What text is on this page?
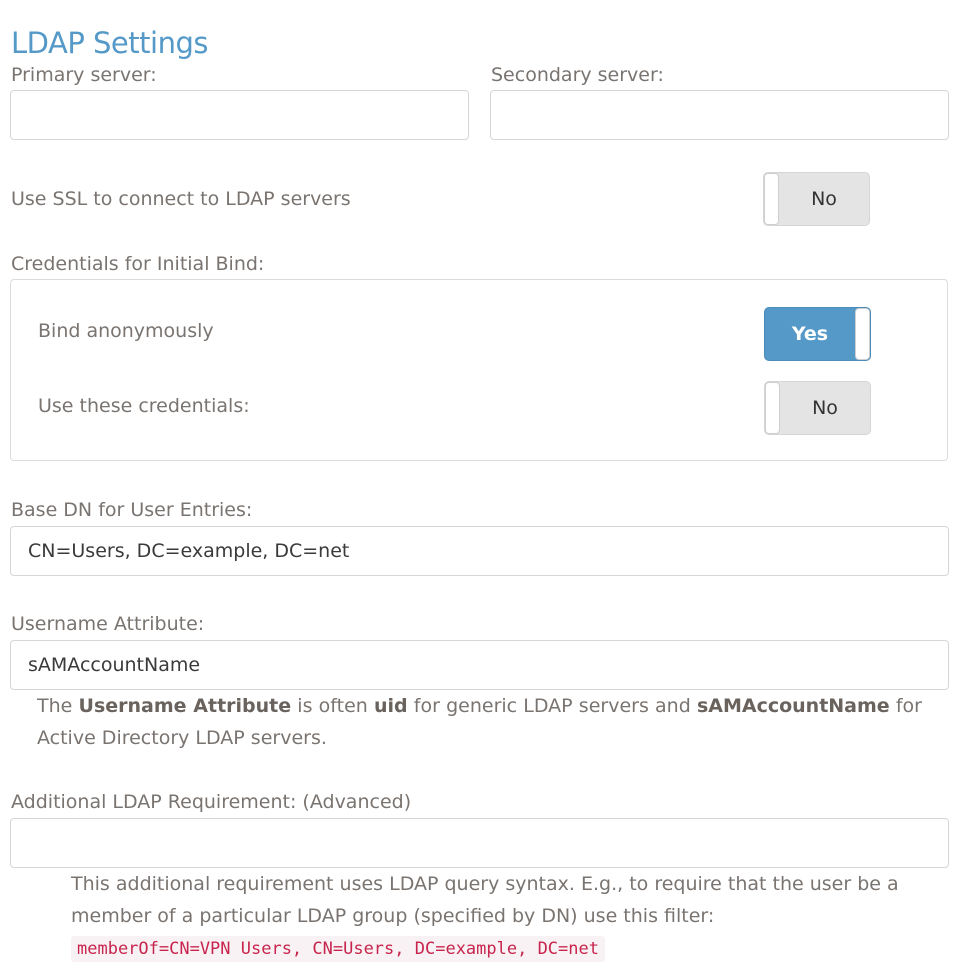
LDAP Settings
Primary server:	Secondary server:
Use SSL to connect to LDAP servers	No
Credentials for Initial Bind:
Bind anonymously	Yes
Use these credentials:	No
Base DN for User Entries:
CN=Users, DC=example, DC=net
Username Attribute:
sAMAccountName
The Username Attribute is often uid for generic LDAP servers and sAMAccountName for Active Directory LDAP servers.
Additional LDAP Requirement: (Advanced)
This additional requirement uses LDAP query syntax. E.g., to require that the user be a member of a particular LDAP group (specified by DN) use this filter:
memberOf=CN=VPN Users, CN=Users, DC=example, DC=net
